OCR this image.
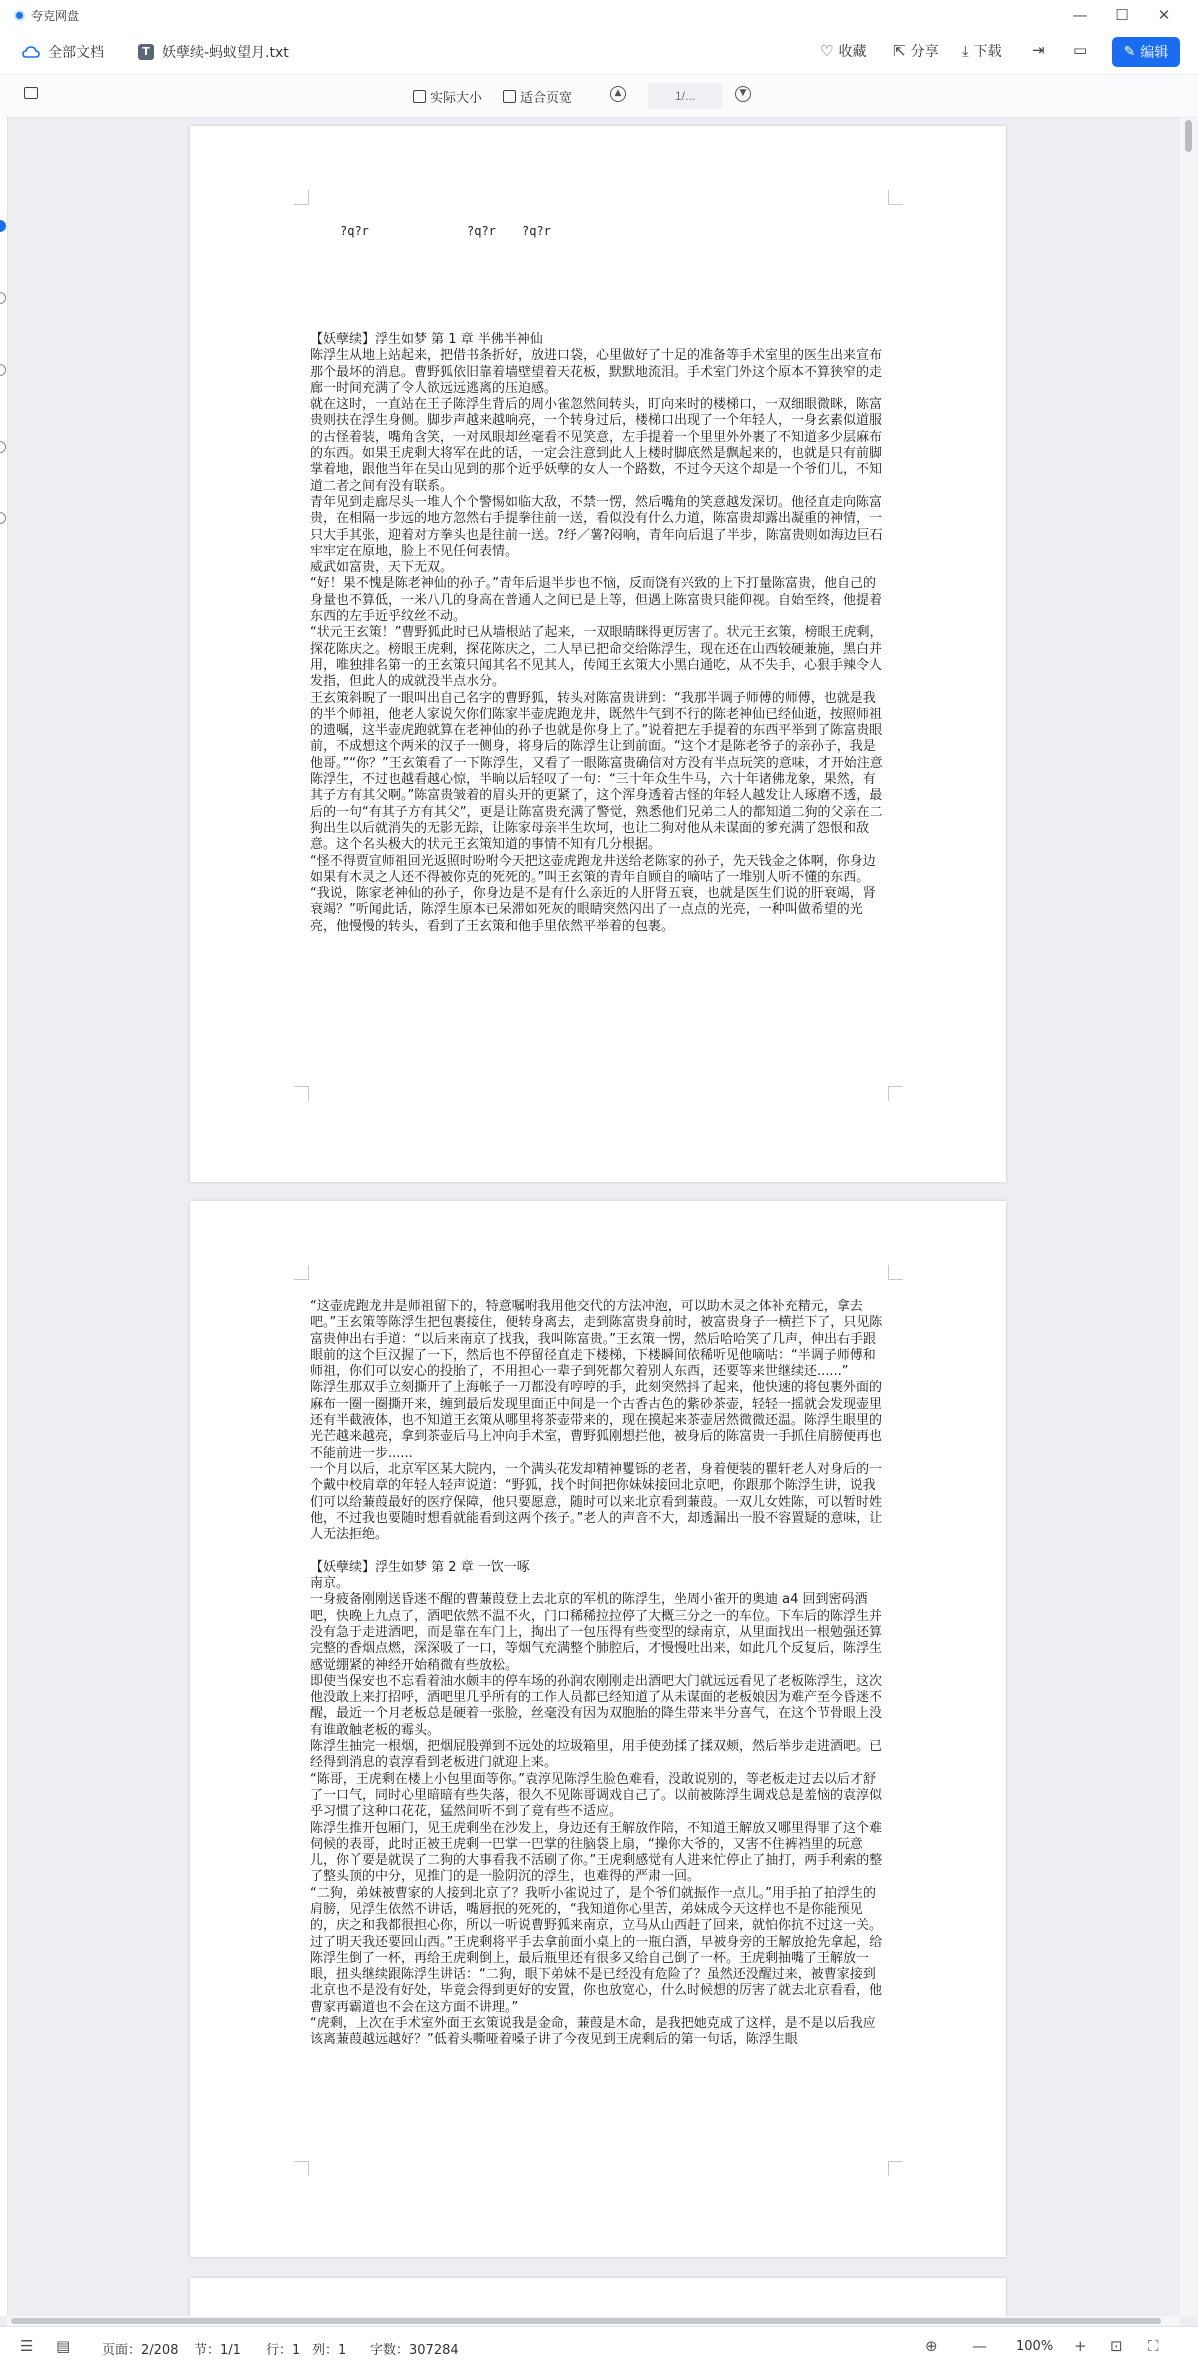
夸克网盘	— ☐	✕
全部文档	T 妖孽续-蚂蚁望月.txt	♡ 收藏 ⇱ 分享 ⤓ 下载 ⇥ ▭	✎ 编辑
实际大小	适合页宽	▲
1/...	▼
?q?r	?q?r ?q?r
【妖孽续】浮生如梦 第 1 章 半佛半神仙
陈浮生从地上站起来，把借书条折好，放进口袋，心里做好了十足的准备等手术室里的医生出来宣布那个最坏的消息。曹野狐依旧靠着墙壁望着天花板，默默地流泪。手术室门外这个原本不算狭窄的走廊一时间充满了令人欲远远逃离的压迫感。
就在这时，一直站在王子陈浮生背后的周小雀忽然间转头，盯向来时的楼梯口，一双细眼微眯，陈富贵则扶在浮生身侧。脚步声越来越响亮，一个转身过后，楼梯口出现了一个年轻人，一身玄素似道服的古怪着装，嘴角含笑，一对凤眼却丝毫看不见笑意，左手提着一个里里外外裹了不知道多少层麻布的东西。如果王虎剩大将军在此的话，一定会注意到此人上楼时脚底然是飘起来的，也就是只有前脚掌着地，跟他当年在吴山见到的那个近乎妖孽的女人一个路数，不过今天这个却是一个爷们儿，不知道二者之间有没有联系。
青年见到走廊尽头一堆人个个警惕如临大敌，不禁一愣，然后嘴角的笑意越发深切。他径直走向陈富贵，在相隔一步远的地方忽然右手提拳往前一送，看似没有什么力道，陈富贵却露出凝重的神情，一只大手其张，迎着对方拳头也是往前一送。?纾／薯?闷响，青年向后退了半步，陈富贵则如海边巨石牢牢定在原地，脸上不见任何表情。
威武如富贵，天下无双。
“好！果不愧是陈老神仙的孙子。”青年后退半步也不恼，反而饶有兴致的上下打量陈富贵，他自己的身量也不算低，一米八几的身高在普通人之间已是上等，但遇上陈富贵只能仰视。自始至终，他提着东西的左手近乎纹丝不动。
“状元王玄策！”曹野狐此时已从墙根站了起来，一双眼睛眯得更厉害了。状元王玄策，榜眼王虎剩，探花陈庆之。榜眼王虎剩，探花陈庆之，二人早已把命交给陈浮生，现在还在山西较硬兼施，黑白并用，唯独排名第一的王玄策只闻其名不见其人，传闻王玄策大小黑白通吃，从不失手，心狠手辣令人发指，但此人的成就没半点水分。
王玄策斜睨了一眼叫出自己名字的曹野狐，转头对陈富贵讲到：“我那半调子师傅的师傅，也就是我的半个师祖，他老人家说欠你们陈家半壶虎跑龙井，既然牛气到不行的陈老神仙已经仙逝，按照师祖的遗嘱，这半壶虎跑就算在老神仙的孙子也就是你身上了。”说着把左手提着的东西平举到了陈富贵眼前，不成想这个两米的汉子一侧身，将身后的陈浮生让到前面。“这个才是陈老爷子的亲孙子，我是他哥。”“你？”王玄策看了一下陈浮生，又看了一眼陈富贵确信对方没有半点玩笑的意味，才开始注意陈浮生，不过也越看越心惊，半晌以后轻叹了一句：“三十年众生牛马，六十年诸佛龙象，果然，有其子方有其父啊。”陈富贵皱着的眉头开的更紧了，这个浑身透着古怪的年轻人越发让人琢磨不透，最后的一句“有其子方有其父”，更是让陈富贵充满了警觉，熟悉他们兄弟二人的都知道二狗的父亲在二狗出生以后就消失的无影无踪，让陈家母亲半生坎坷，也让二狗对他从未谋面的爹充满了怨恨和敌意。这个名头极大的状元王玄策知道的事情不知有几分根据。
“怪不得贾宣师祖回光返照时吩咐今天把这壶虎跑龙井送给老陈家的孙子，先天钱金之体啊，你身边如果有木灵之人还不得被你克的死死的。”叫王玄策的青年自顾自的嘀咕了一堆别人听不懂的东西。
“我说，陈家老神仙的孙子，你身边是不是有什么亲近的人肝肾五衰，也就是医生们说的肝衰竭，肾衰竭？”听闻此话，陈浮生原本已呆滞如死灰的眼睛突然闪出了一点点的光亮，一种叫做希望的光亮，他慢慢的转头，看到了王玄策和他手里依然平举着的包裹。
“这壶虎跑龙井是师祖留下的，特意嘱咐我用他交代的方法冲泡，可以助木灵之体补充精元，拿去吧。”王玄策等陈浮生把包裹接住，便转身离去，走到陈富贵身前时，被富贵身子一横拦下了，只见陈富贵伸出右手道：“以后来南京了找我，我叫陈富贵。”王玄策一愣，然后哈哈笑了几声，伸出右手跟眼前的这个巨汉握了一下，然后也不停留径直走下楼梯，下楼瞬间依稀听见他嘀咕：“半调子师傅和师祖，你们可以安心的投胎了，不用担心一辈子到死都欠着别人东西，还要等来世继续还......”
陈浮生那双手立刻撕开了上海帐子一刀都没有哼哼的手，此刻突然抖了起来，他快速的将包裹外面的麻布一圈一圈撕开来，缠到最后发现里面正中间是一个古香古色的紫砂茶壶，轻轻一摇就会发现壶里还有半截液体，也不知道王玄策从哪里将茶壶带来的，现在摸起来茶壶居然微微还温。陈浮生眼里的光芒越来越亮，拿到茶壶后马上冲向手术室，曹野狐刚想拦他，被身后的陈富贵一手抓住肩膀便再也不能前进一步......
一个月以后，北京军区某大院内，一个满头花发却精神矍铄的老者，身着便装的瞿轩老人对身后的一个戴中校肩章的年轻人轻声说道：“野狐，找个时间把你妹妹接回北京吧，你跟那个陈浮生讲，说我们可以给蒹葭最好的医疗保障，他只要愿意，随时可以来北京看到蒹葭。一双儿女姓陈，可以暂时姓他，不过我也要随时想看就能看到这两个孩子。”老人的声音不大，却透漏出一股不容置疑的意味，让人无法拒绝。

【妖孽续】浮生如梦 第 2 章 一饮一啄
南京。
一身疲备刚刚送昏迷不醒的曹蒹葭登上去北京的军机的陈浮生，坐周小雀开的奥迪 a4 回到密码酒吧，快晚上九点了，酒吧依然不温不火，门口稀稀拉拉停了大概三分之一的车位。下车后的陈浮生并没有急于走进酒吧，而是靠在车门上，掏出了一包压得有些变型的绿南京，从里面找出一根勉强还算完整的香烟点燃，深深吸了一口，等烟气充满整个肺腔后，才慢慢吐出来，如此几个反复后，陈浮生感觉绷紧的神经开始稍微有些放松。
即使当保安也不忘看着油水颇丰的停车场的孙润农刚刚走出酒吧大门就远远看见了老板陈浮生，这次他没敢上来打招呼，酒吧里几乎所有的工作人员都已经知道了从未谋面的老板娘因为难产至今昏迷不醒，最近一个月老板总是硬着一张脸，丝毫没有因为双胞胎的降生带来半分喜气，在这个节骨眼上没有谁敢触老板的霉头。
陈浮生抽完一根烟，把烟屁股弹到不远处的垃圾箱里，用手使劲揉了揉双颊，然后举步走进酒吧。已经得到消息的袁淳看到老板进门就迎上来。
“陈哥，王虎剩在楼上小包里面等你。”袁淳见陈浮生脸色难看，没敢说别的，等老板走过去以后才舒了一口气，同时心里暗暗有些失落，很久不见陈哥调戏自己了。以前被陈浮生调戏总是羞恼的袁淳似乎习惯了这种口花花，猛然间听不到了竟有些不适应。
陈浮生推开包厢门，见王虎剩坐在沙发上，身边还有王解放作陪，不知道王解放又哪里得罪了这个难伺候的表哥，此时正被王虎剩一巴掌一巴掌的往脑袋上扇，“操你大爷的，又害不住裤裆里的玩意儿，你丫要是就误了二狗的大事看我不活刷了你。”王虎剩感觉有人进来忙停止了抽打，两手利索的整了整头顶的中分，见推门的是一脸阴沉的浮生，也难得的严肃一回。
“二狗，弟妹被曹家的人接到北京了？我听小雀说过了，是个爷们就振作一点儿。”用手拍了拍浮生的肩膀，见浮生依然不讲话，嘴唇抿的死死的，“我知道你心里苦，弟妹成今天这样也不是你能预见的，庆之和我都很担心你，所以一听说曹野狐来南京，立马从山西赶了回来，就怕你抗不过这一关。过了明天我还要回山西。”王虎剩将平手去拿前面小桌上的一瓶白酒，早被身旁的王解放抢先拿起，给陈浮生倒了一杯，再给王虎剩倒上，最后瓶里还有很多又给自己倒了一杯。王虎剩抽嘴了王解放一眼，扭头继续跟陈浮生讲话：“二狗，眼下弟妹不是已经没有危险了？虽然还没醒过来，被曹家接到北京也不是没有好处，毕竟会得到更好的安置，你也放宽心，什么时候想的厉害了就去北京看看，他曹家再霸道也不会在这方面不讲理。”
“虎剩，上次在手术室外面王玄策说我是金命，蒹葭是木命，是我把她克成了这样，是不是以后我应该离蒹葭越远越好？”低着头嘶哑着嗓子讲了今夜见到王虎剩后的第一句话，陈浮生眼
☰ ▤ 页面：2/208 节：1/1 行：1 列：1 字数：307284	⊕ — 100% + ⊡ ⛶
